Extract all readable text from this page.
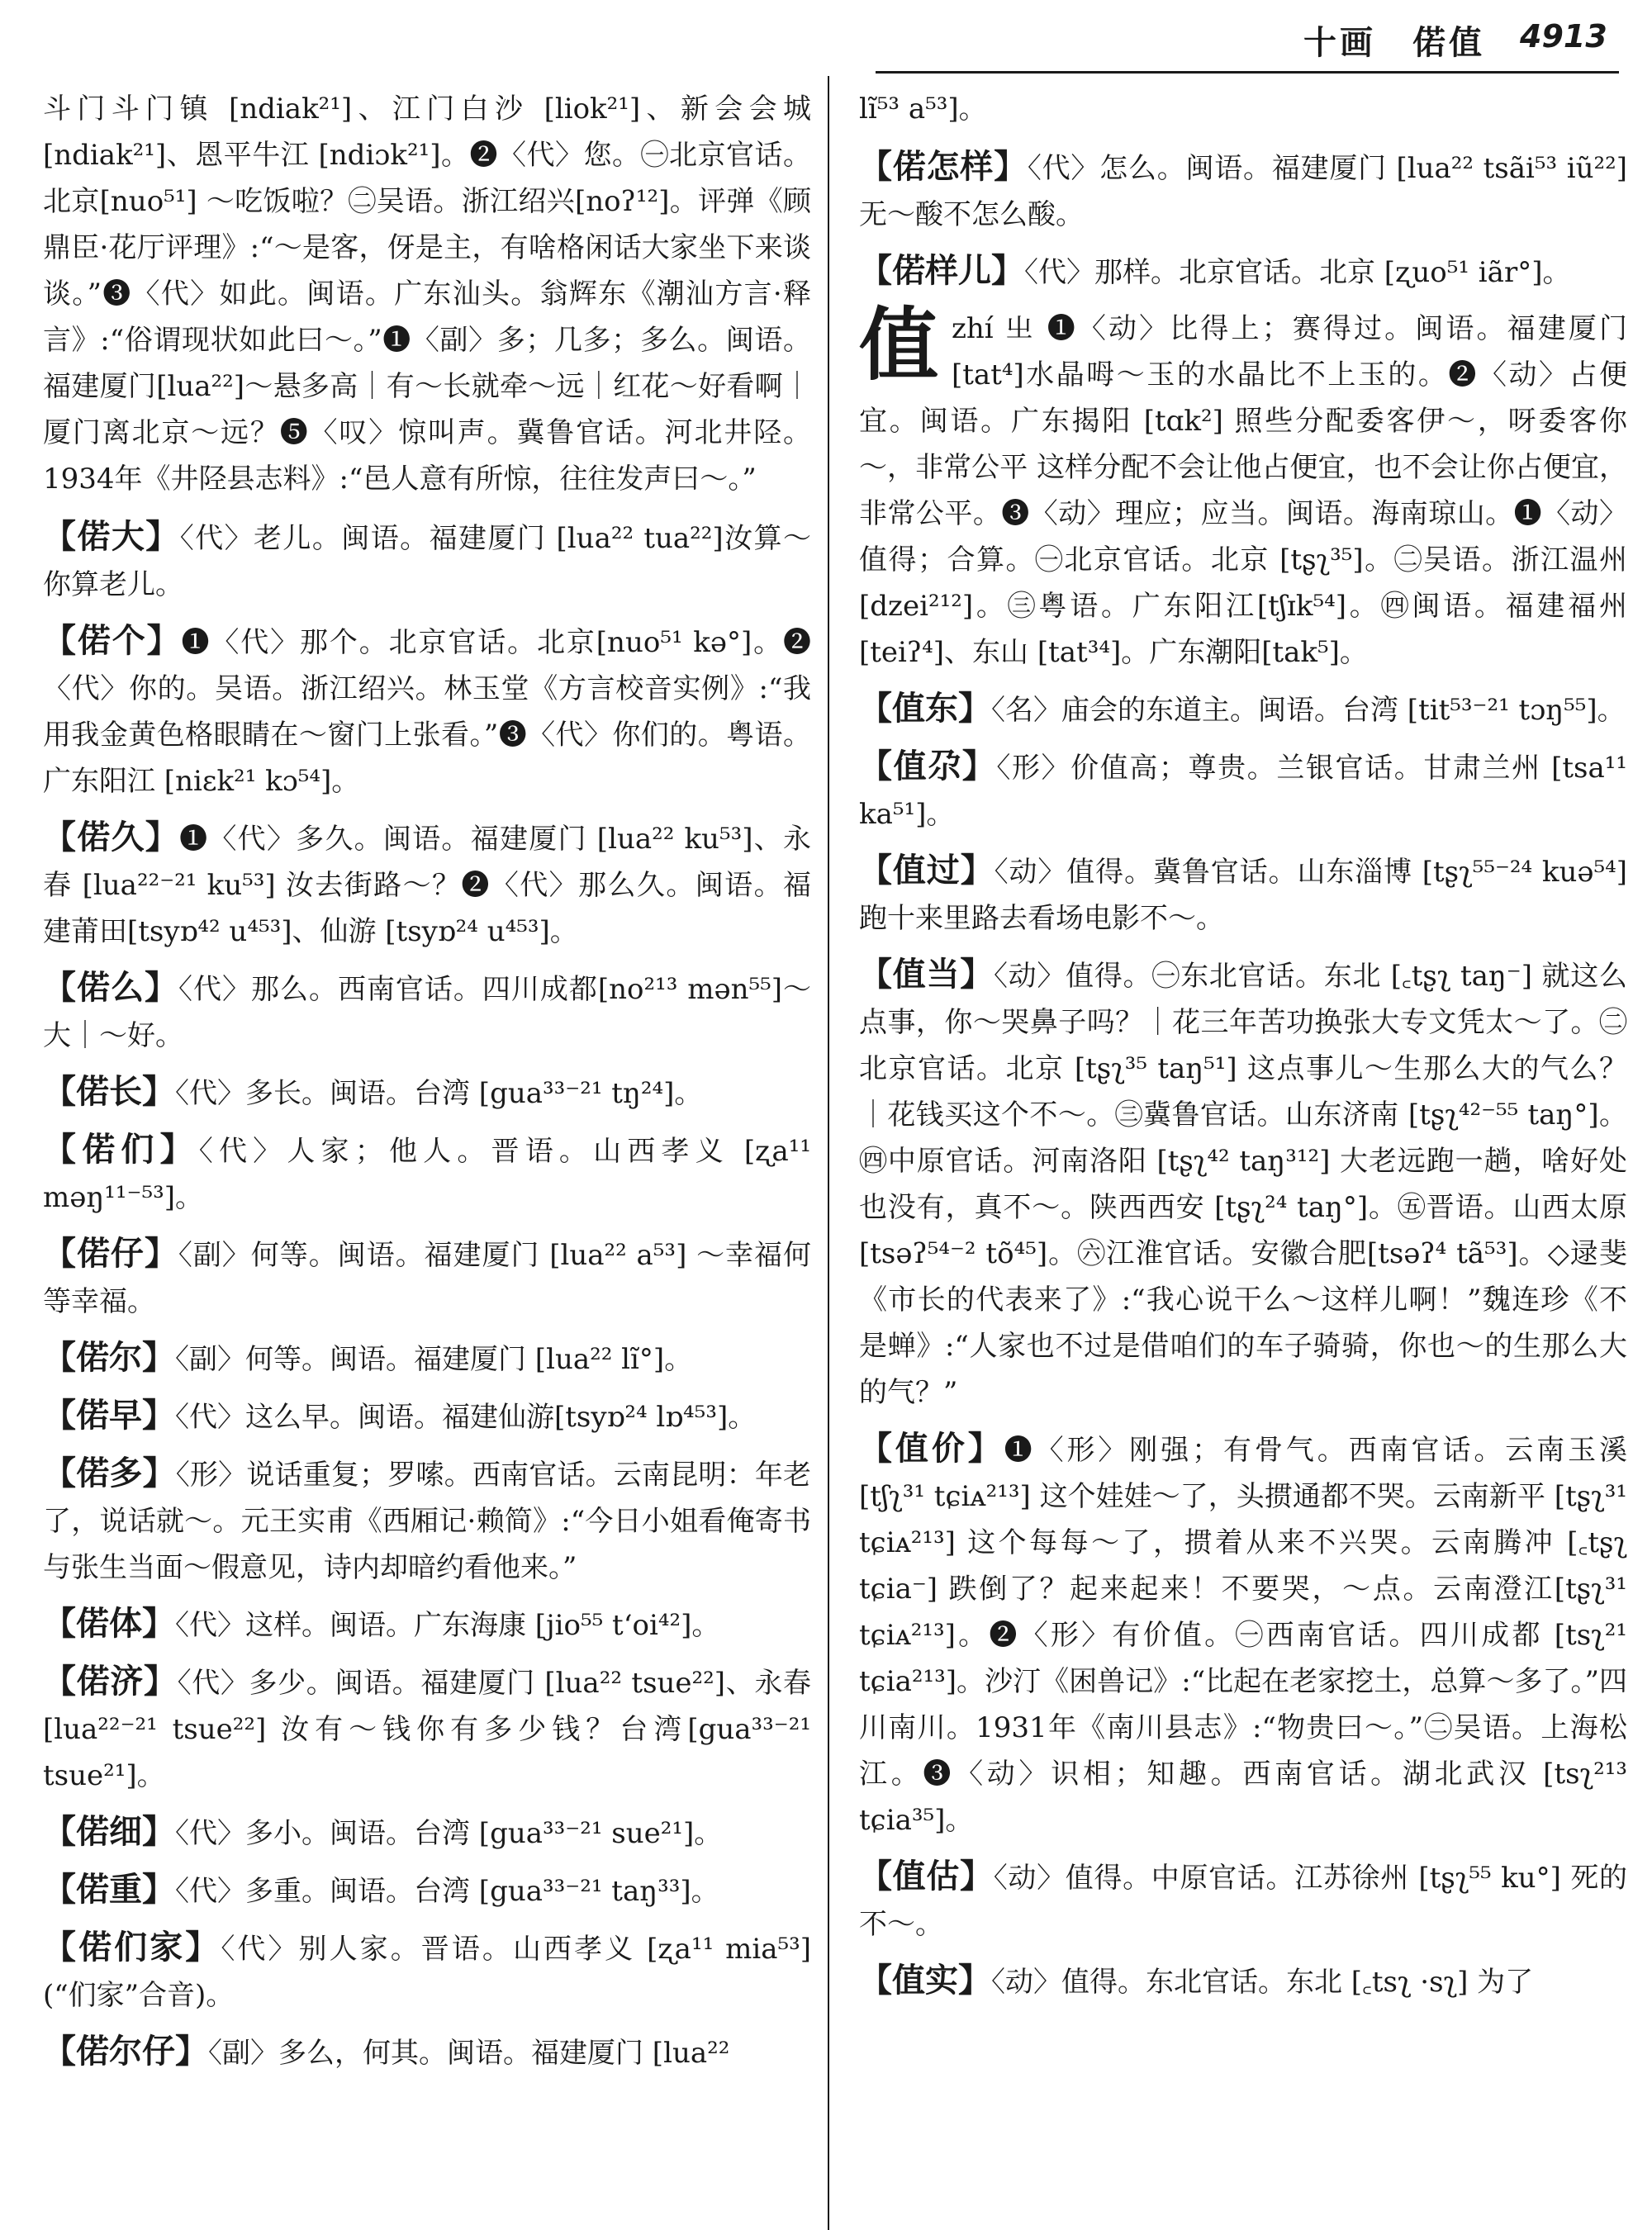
十画　偌值 4913

斗门斗门镇 [ndiak²¹]、江门白沙 [liok²¹]、新会会城 [ndiak²¹]、恩平牛江 [ndiɔk²¹]。❷〈代〉您。㊀北京官话。北京[nuo⁵¹] ～吃饭啦？㊁吴语。浙江绍兴[noʔ¹²]。评弹《顾鼎臣·花厅评理》:“～是客，伢是主，有啥格闲话大家坐下来谈谈。”❸〈代〉如此。闽语。广东汕头。翁辉东《潮汕方言·释言》:“俗谓现状如此曰～。”❶〈副〉多；几多；多么。闽语。福建厦门[lua²²]～悬多高｜有～长就牵～远｜红花～好看啊｜厦门离北京～远？❺〈叹〉惊叫声。冀鲁官话。河北井陉。1934年《井陉县志料》:“邑人意有所惊，往往发声曰～。”

【偌大】〈代〉老儿。闽语。福建厦门 [lua²² tua²²]汝算～你算老儿。

【偌个】❶〈代〉那个。北京官话。北京[nuo⁵¹ kə°]。❷〈代〉你的。吴语。浙江绍兴。林玉堂《方言校音实例》:“我用我金黄色格眼睛在～窗门上张看。”❸〈代〉你们的。粤语。广东阳江 [niɛk²¹ kɔ⁵⁴]。

【偌久】❶〈代〉多久。闽语。福建厦门 [lua²² ku⁵³]、永春 [lua²²⁻²¹ ku⁵³] 汝去街路～？❷〈代〉那么久。闽语。福建莆田[tsyɒ⁴² u⁴⁵³]、仙游 [tsyɒ²⁴ u⁴⁵³]。

【偌么】〈代〉那么。西南官话。四川成都[no²¹³ mən⁵⁵]～大｜～好。

【偌长】〈代〉多长。闽语。台湾 [gua³³⁻²¹ tŋ²⁴]。

【偌们】〈代〉人家；他人。晋语。山西孝义 [ʐa¹¹ məŋ¹¹⁻⁵³]。

【偌仔】〈副〉何等。闽语。福建厦门 [lua²² a⁵³] ～幸福何等幸福。

【偌尔】〈副〉何等。闽语。福建厦门 [lua²² lĩ°]。

【偌早】〈代〉这么早。闽语。福建仙游[tsyɒ²⁴ lɒ⁴⁵³]。

【偌多】〈形〉说话重复；罗嗦。西南官话。云南昆明：年老了，说话就～。元王实甫《西厢记·赖简》:“今日小姐看俺寄书与张生当面～假意见，诗内却暗约看他来。”

【偌体】〈代〉这样。闽语。广东海康 [jio⁵⁵ t‘oi⁴²]。

【偌济】〈代〉多少。闽语。福建厦门 [lua²² tsue²²]、永春 [lua²²⁻²¹ tsue²²] 汝有～钱你有多少钱？台湾[gua³³⁻²¹ tsue²¹]。

【偌细】〈代〉多小。闽语。台湾 [gua³³⁻²¹ sue²¹]。

【偌重】〈代〉多重。闽语。台湾 [gua³³⁻²¹ taŋ³³]。

【偌们家】〈代〉别人家。晋语。山西孝义 [ʐa¹¹ mia⁵³](“们家”合音)。

【偌尔仔】〈副〉多么，何其。闽语。福建厦门 [lua²²

lĩ⁵³ a⁵³]。

【偌怎样】〈代〉怎么。闽语。福建厦门 [lua²² tsãi⁵³ iũ²²] 无～酸不怎么酸。

【偌样儿】〈代〉那样。北京官话。北京 [ʐuo⁵¹ iãr°]。

值zhí 㞢 ❶〈动〉比得上；赛得过。闽语。福建厦门[tat⁴]水晶呣～玉的水晶比不上玉的。❷〈动〉占便宜。闽语。广东揭阳 [tɑk²] 照些分配委客伊～，呀委客你～，非常公平 这样分配不会让他占便宜，也不会让你占便宜，非常公平。❸〈动〉理应；应当。闽语。海南琼山。❶〈动〉值得；合算。㊀北京官话。北京 [tʂʅ³⁵]。㊁吴语。浙江温州[dzei²¹²]。㊂粤语。广东阳江[tʃɪk⁵⁴]。㊃闽语。福建福州 [teiʔ⁴]、东山 [tat³⁴]。广东潮阳[tak⁵]。

【值东】〈名〉庙会的东道主。闽语。台湾 [tit⁵³⁻²¹ tɔŋ⁵⁵]。

【值尕】〈形〉价值高；尊贵。兰银官话。甘肃兰州 [tsa¹¹ ka⁵¹]。

【值过】〈动〉值得。冀鲁官话。山东淄博 [tʂʅ⁵⁵⁻²⁴ kuə⁵⁴] 跑十来里路去看场电影不～。

【值当】〈动〉值得。㊀东北官话。东北 [꜀tʂʅ taŋ⁻] 就这么点事，你～哭鼻子吗？｜花三年苦功换张大专文凭太～了。㊁北京官话。北京 [tʂʅ³⁵ taŋ⁵¹] 这点事儿～生那么大的气么？｜花钱买这个不～。㊂冀鲁官话。山东济南 [tʂʅ⁴²⁻⁵⁵ taŋ°]。㊃中原官话。河南洛阳 [tʂʅ⁴² taŋ³¹²] 大老远跑一趟，啥好处也没有，真不～。陕西西安 [tʂʅ²⁴ taŋ°]。㊄晋语。山西太原[tsəʔ⁵⁴⁻² tõ⁴⁵]。㊅江淮官话。安徽合肥[tsəʔ⁴ tã⁵³]。◇逯斐《市长的代表来了》:“我心说干么～这样儿啊！”魏连珍《不是蝉》:“人家也不过是借咱们的车子骑骑，你也～的生那么大的气？”

【值价】❶〈形〉刚强；有骨气。西南官话。云南玉溪 [tʃʅ³¹ tɕiᴀ²¹³] 这个娃娃～了，头掼通都不哭。云南新平 [tʂʅ³¹ tɕiᴀ²¹³] 这个每每～了，掼着从来不兴哭。云南腾冲 [꜀tʂʅ tɕia⁻] 跌倒了？起来起来！不要哭，～点。云南澄江[tʂʅ³¹ tɕiᴀ²¹³]。❷〈形〉有价值。㊀西南官话。四川成都 [tsʅ²¹ tɕia²¹³]。沙汀《困兽记》:“比起在老家挖土，总算～多了。”四川南川。1931年《南川县志》:“物贵曰～。”㊁吴语。上海松江。❸〈动〉识相；知趣。西南官话。湖北武汉 [tsʅ²¹³ tɕia³⁵]。

【值估】〈动〉值得。中原官话。江苏徐州 [tʂʅ⁵⁵ ku°] 死的不～。

【值实】〈动〉值得。东北官话。东北 [꜀tsʅ ·sʅ] 为了
